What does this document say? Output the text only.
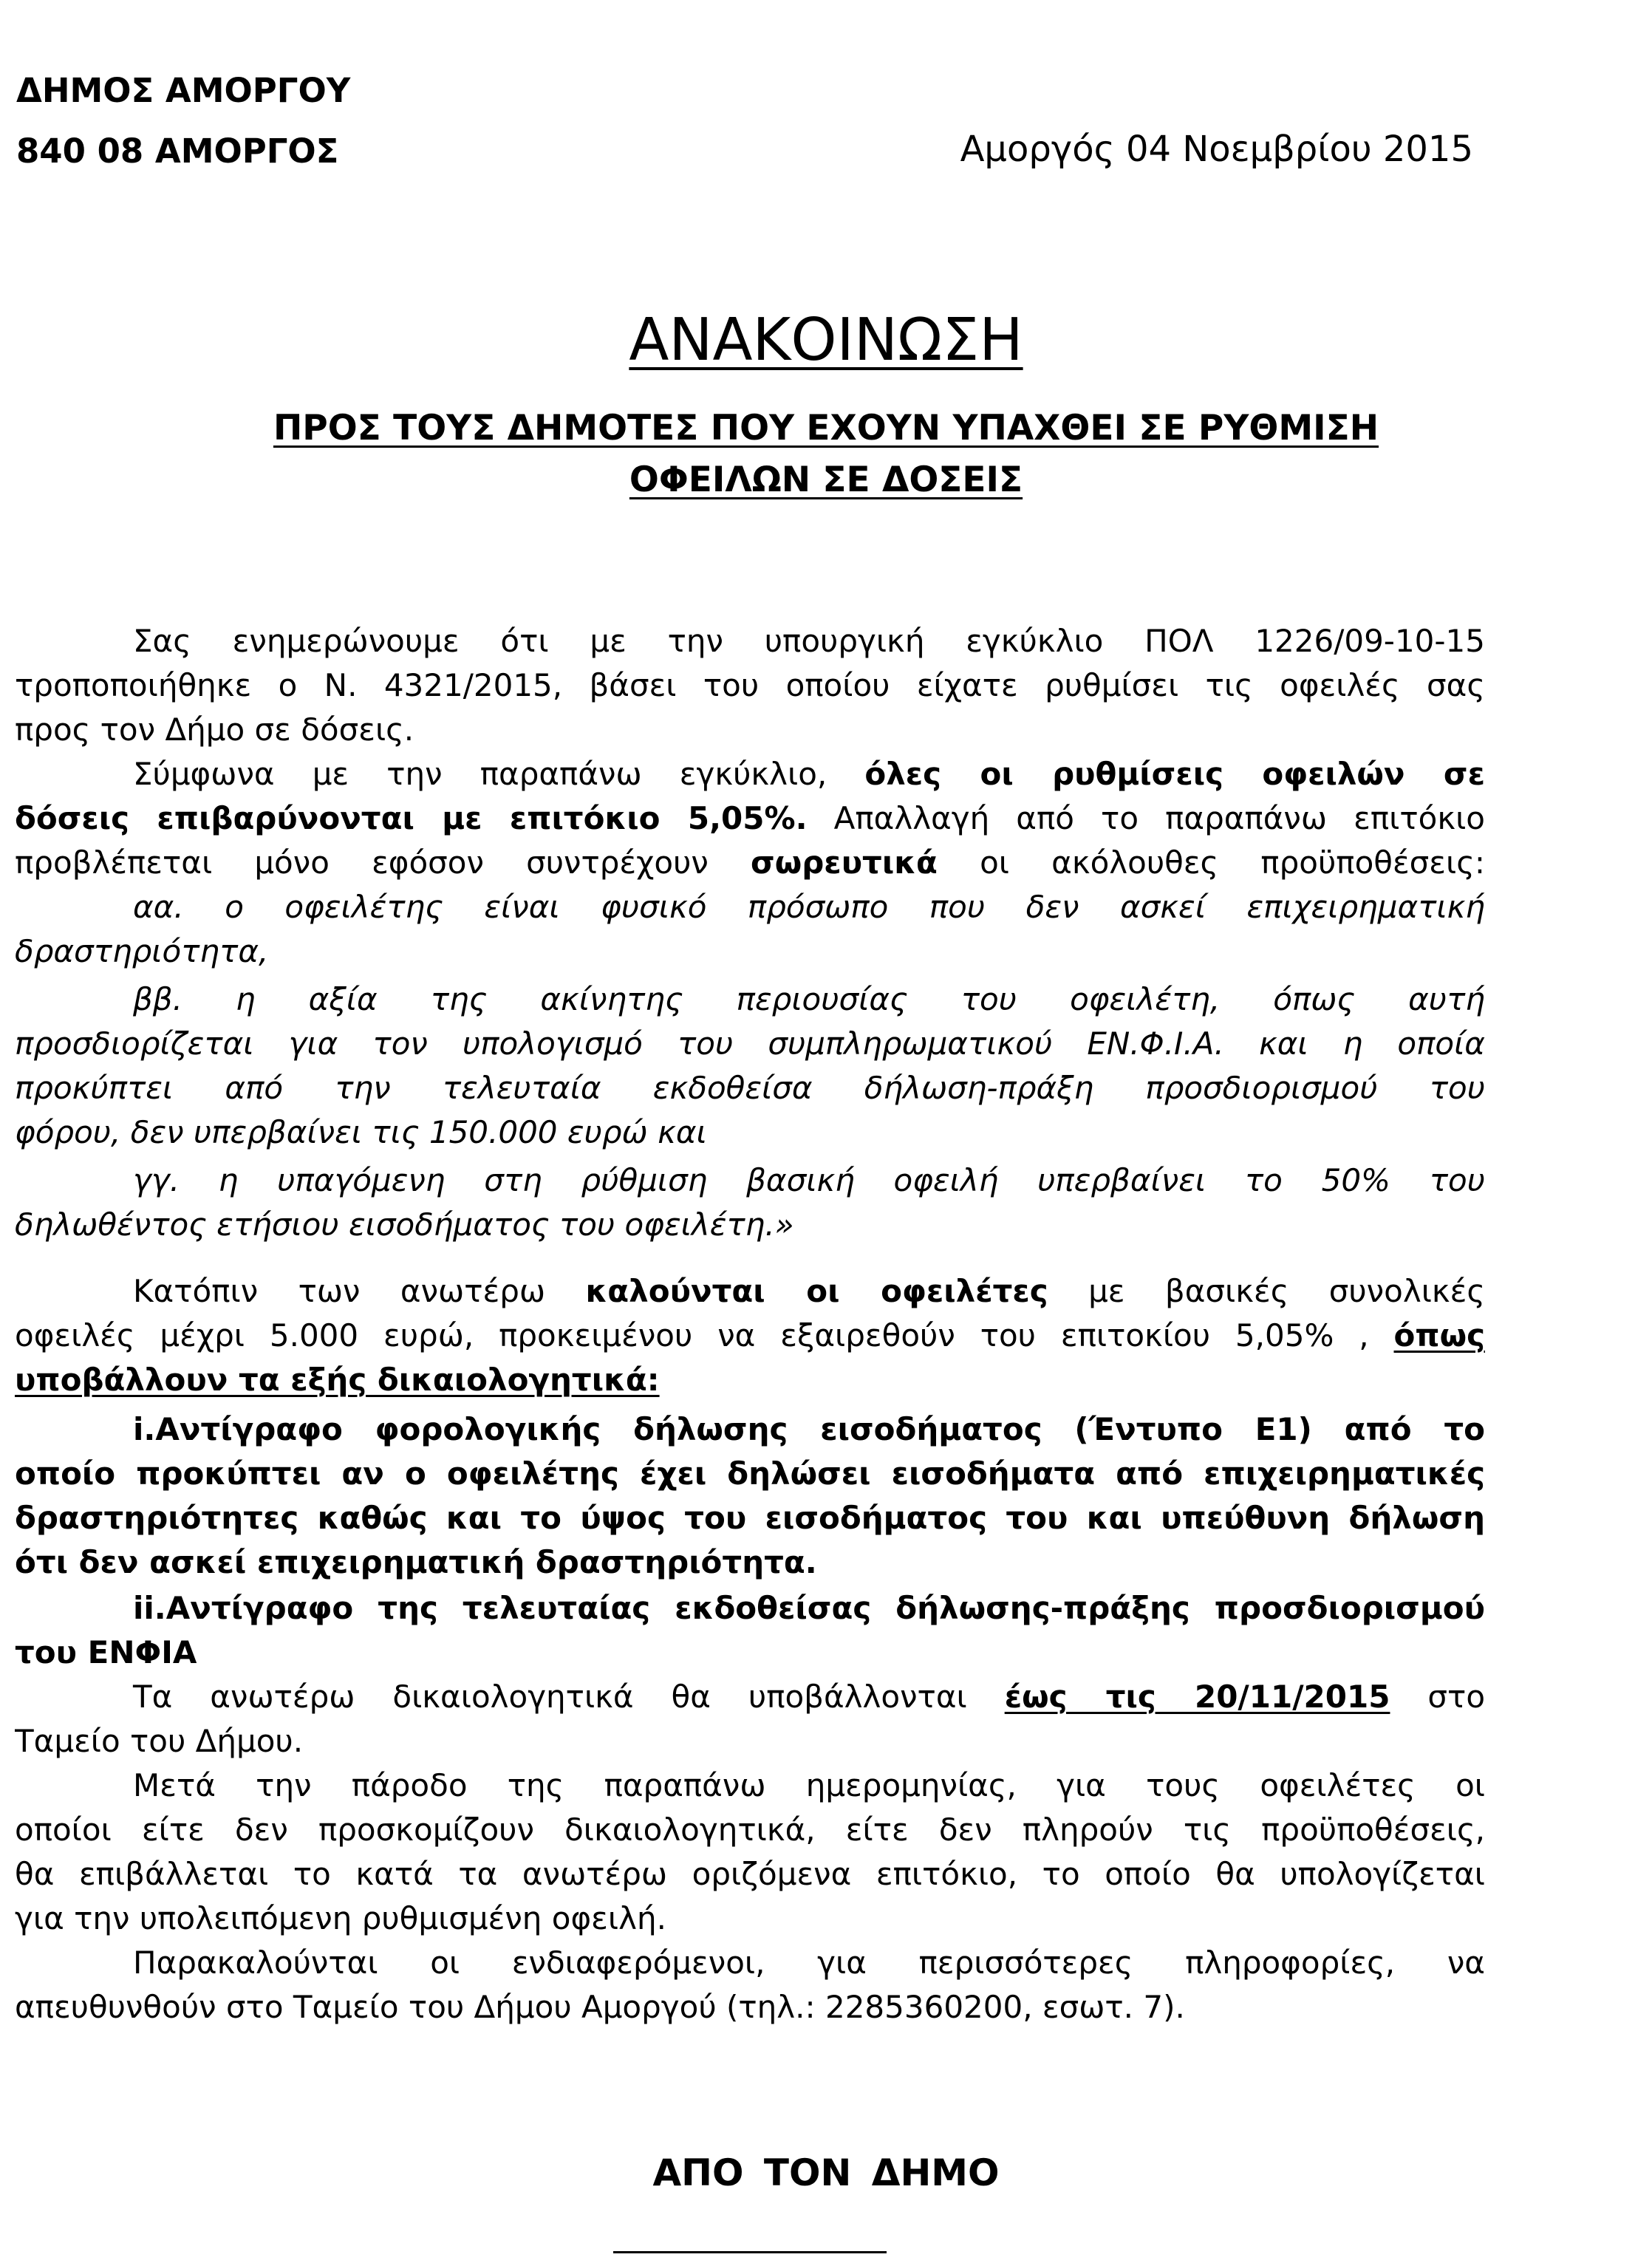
ΔΗΜΟΣ ΑΜΟΡΓΟΥ
840 08 ΑΜΟΡΓΟΣ	Αμοργός 04 Νοεμβρίου 2015
ΑΝΑΚΟΙΝΩΣΗ
ΠΡΟΣ ΤΟΥΣ ΔΗΜΟΤΕΣ ΠΟΥ ΕΧΟΥΝ ΥΠΑΧΘΕΙ ΣΕ ΡΥΘΜΙΣΗ
ΟΦΕΙΛΩΝ ΣΕ ΔΟΣΕΙΣ
Σας ενημερώνουμε ότι με την υπουργική εγκύκλιο ΠΟΛ 1226/09-10-15
τροποποιήθηκε ο Ν. 4321/2015, βάσει του οποίου είχατε ρυθμίσει τις οφειλές σας
προς τον Δήμο σε δόσεις.
Σύμφωνα με την παραπάνω εγκύκλιο, όλες οι ρυθμίσεις οφειλών σε
δόσεις επιβαρύνονται με επιτόκιο 5,05%. Απαλλαγή από το παραπάνω επιτόκιο
προβλέπεται μόνο εφόσον συντρέχουν σωρευτικά οι ακόλουθες προϋποθέσεις:
αα. ο οφειλέτης είναι φυσικό πρόσωπο που δεν ασκεί επιχειρηματική
δραστηριότητα,
ββ. η αξία της ακίνητης περιουσίας του οφειλέτη, όπως αυτή
προσδιορίζεται για τον υπολογισμό του συμπληρωματικού ΕΝ.Φ.Ι.Α. και η οποία
προκύπτει από την τελευταία εκδοθείσα δήλωση-πράξη προσδιορισμού του
φόρου, δεν υπερβαίνει τις 150.000 ευρώ και
γγ. η υπαγόμενη στη ρύθμιση βασική οφειλή υπερβαίνει το 50% του
δηλωθέντος ετήσιου εισοδήματος του οφειλέτη.»
Κατόπιν των ανωτέρω καλούνται οι οφειλέτες με βασικές συνολικές
οφειλές μέχρι 5.000 ευρώ, προκειμένου να εξαιρεθούν του επιτοκίου 5,05% , όπως
υποβάλλουν τα εξής δικαιολογητικά:
i.Αντίγραφο φορολογικής δήλωσης εισοδήματος (Έντυπο Ε1) από το
οποίο προκύπτει αν ο οφειλέτης έχει δηλώσει εισοδήματα από επιχειρηματικές
δραστηριότητες καθώς και το ύψος του εισοδήματος του και υπεύθυνη δήλωση
ότι δεν ασκεί επιχειρηματική δραστηριότητα.
ii.Αντίγραφο της τελευταίας εκδοθείσας δήλωσης-πράξης προσδιορισμού
του ΕΝΦΙΑ
Τα ανωτέρω δικαιολογητικά θα υποβάλλονται έως τις 20/11/2015 στο
Ταμείο του Δήμου.
Μετά την πάροδο της παραπάνω ημερομηνίας, για τους οφειλέτες οι
οποίοι είτε δεν προσκομίζουν δικαιολογητικά, είτε δεν πληρούν τις προϋποθέσεις,
θα επιβάλλεται το κατά τα ανωτέρω οριζόμενα επιτόκιο, το οποίο θα υπολογίζεται
για την υπολειπόμενη ρυθμισμένη οφειλή.
Παρακαλούνται οι ενδιαφερόμενοι, για περισσότερες πληροφορίες, να
απευθυνθούν στο Ταμείο του Δήμου Αμοργού (τηλ.: 2285360200, εσωτ. 7).
ΑΠΟ ΤΟΝ ΔΗΜΟ
